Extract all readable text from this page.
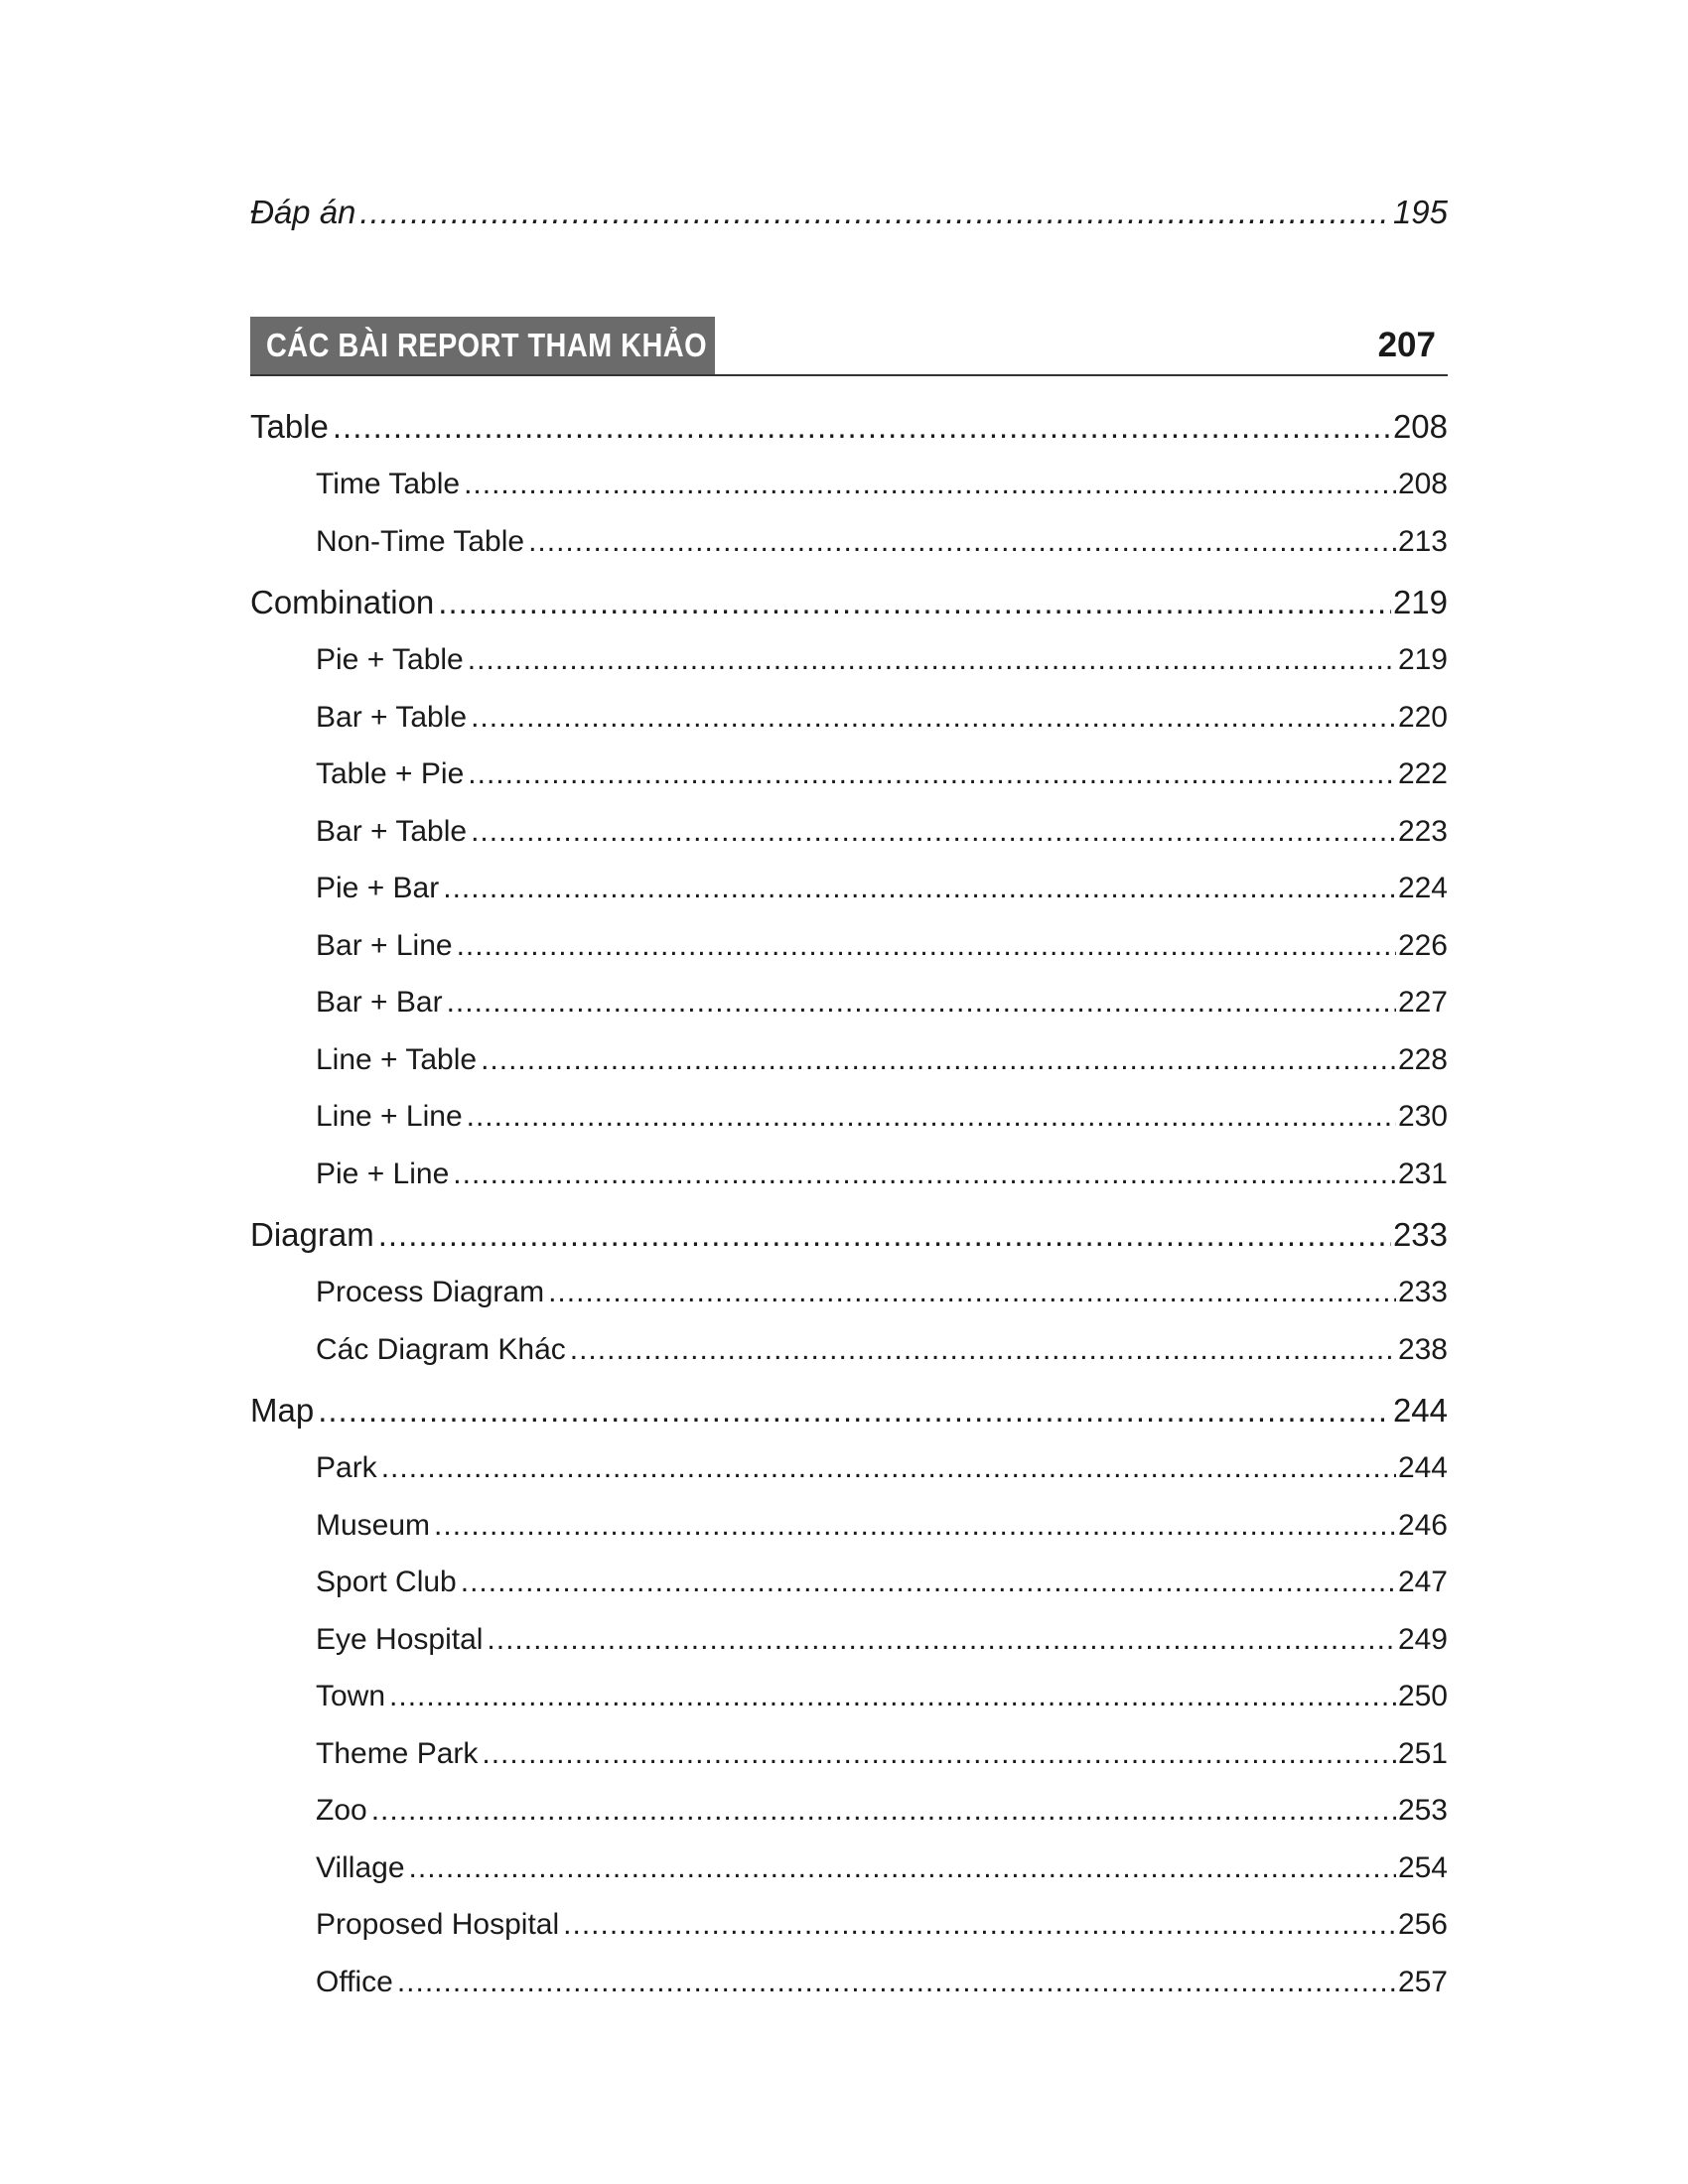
Đáp án .....	195
CÁC BÀI REPORT THAM KHẢO	207
Table .....	208
Time Table .....	208
Non-Time Table .....	213
Combination .....	219
Pie + Table .....	219
Bar + Table .....	220
Table + Pie .....	222
Bar + Table .....	223
Pie + Bar .....	224
Bar + Line .....	226
Bar + Bar .....	227
Line + Table .....	228
Line + Line .....	230
Pie + Line .....	231
Diagram .....	233
Process Diagram .....	233
Các Diagram Khác .....	238
Map .....	244
Park .....	244
Museum .....	246
Sport Club .....	247
Eye Hospital .....	249
Town .....	250
Theme Park .....	251
Zoo .....	253
Village .....	254
Proposed Hospital .....	256
Office .....	257
